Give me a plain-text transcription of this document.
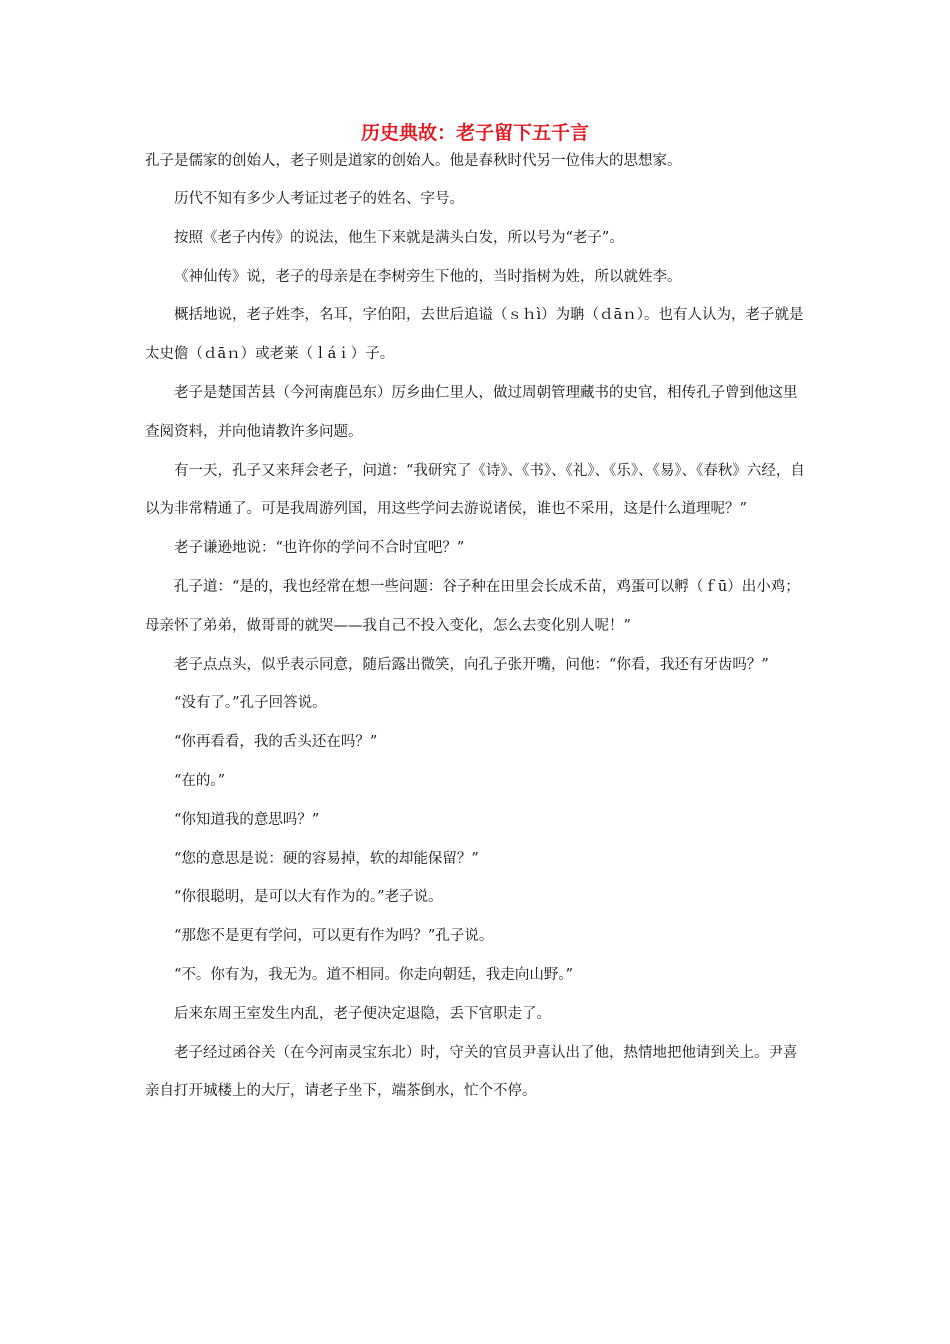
历史典故：老子留下五千言

孔子是儒家的创始人，老子则是道家的创始人。他是春秋时代另一位伟大的思想家。

历代不知有多少人考证过老子的姓名、字号。

按照《老子内传》的说法，他生下来就是满头白发，所以号为“老子”。

《神仙传》说，老子的母亲是在李树旁生下他的，当时指树为姓，所以就姓李。

概括地说，老子姓李，名耳，字伯阳，去世后追谥（ｓｈì）为聃（ｄāｎ）。也有人认为，老子就是太史儋（ｄāｎ）或老莱（ｌáｉ）子。

老子是楚国苦县（今河南鹿邑东）厉乡曲仁里人，做过周朝管理藏书的史官，相传孔子曾到他这里查阅资料，并向他请教许多问题。

有一天，孔子又来拜会老子，问道：“我研究了《诗》、《书》、《礼》、《乐》、《易》、《春秋》六经，自以为非常精通了。可是我周游列国，用这些学问去游说诸侯，谁也不采用，这是什么道理呢？”

老子谦逊地说：“也许你的学问不合时宜吧？”

孔子道：“是的，我也经常在想一些问题：谷子种在田里会长成禾苗，鸡蛋可以孵（ｆū）出小鸡；母亲怀了弟弟，做哥哥的就哭——我自己不投入变化，怎么去变化别人呢！”

老子点点头，似乎表示同意，随后露出微笑，向孔子张开嘴，问他：“你看，我还有牙齿吗？”

“没有了。”孔子回答说。

“你再看看，我的舌头还在吗？”

“在的。”

“你知道我的意思吗？”

“您的意思是说：硬的容易掉，软的却能保留？”

“你很聪明，是可以大有作为的。”老子说。

“那您不是更有学问，可以更有作为吗？”孔子说。

“不。你有为，我无为。道不相同。你走向朝廷，我走向山野。”

后来东周王室发生内乱，老子便决定退隐，丢下官职走了。

老子经过函谷关（在今河南灵宝东北）时，守关的官员尹喜认出了他，热情地把他请到关上。尹喜亲自打开城楼上的大厅，请老子坐下，端茶倒水，忙个不停。
